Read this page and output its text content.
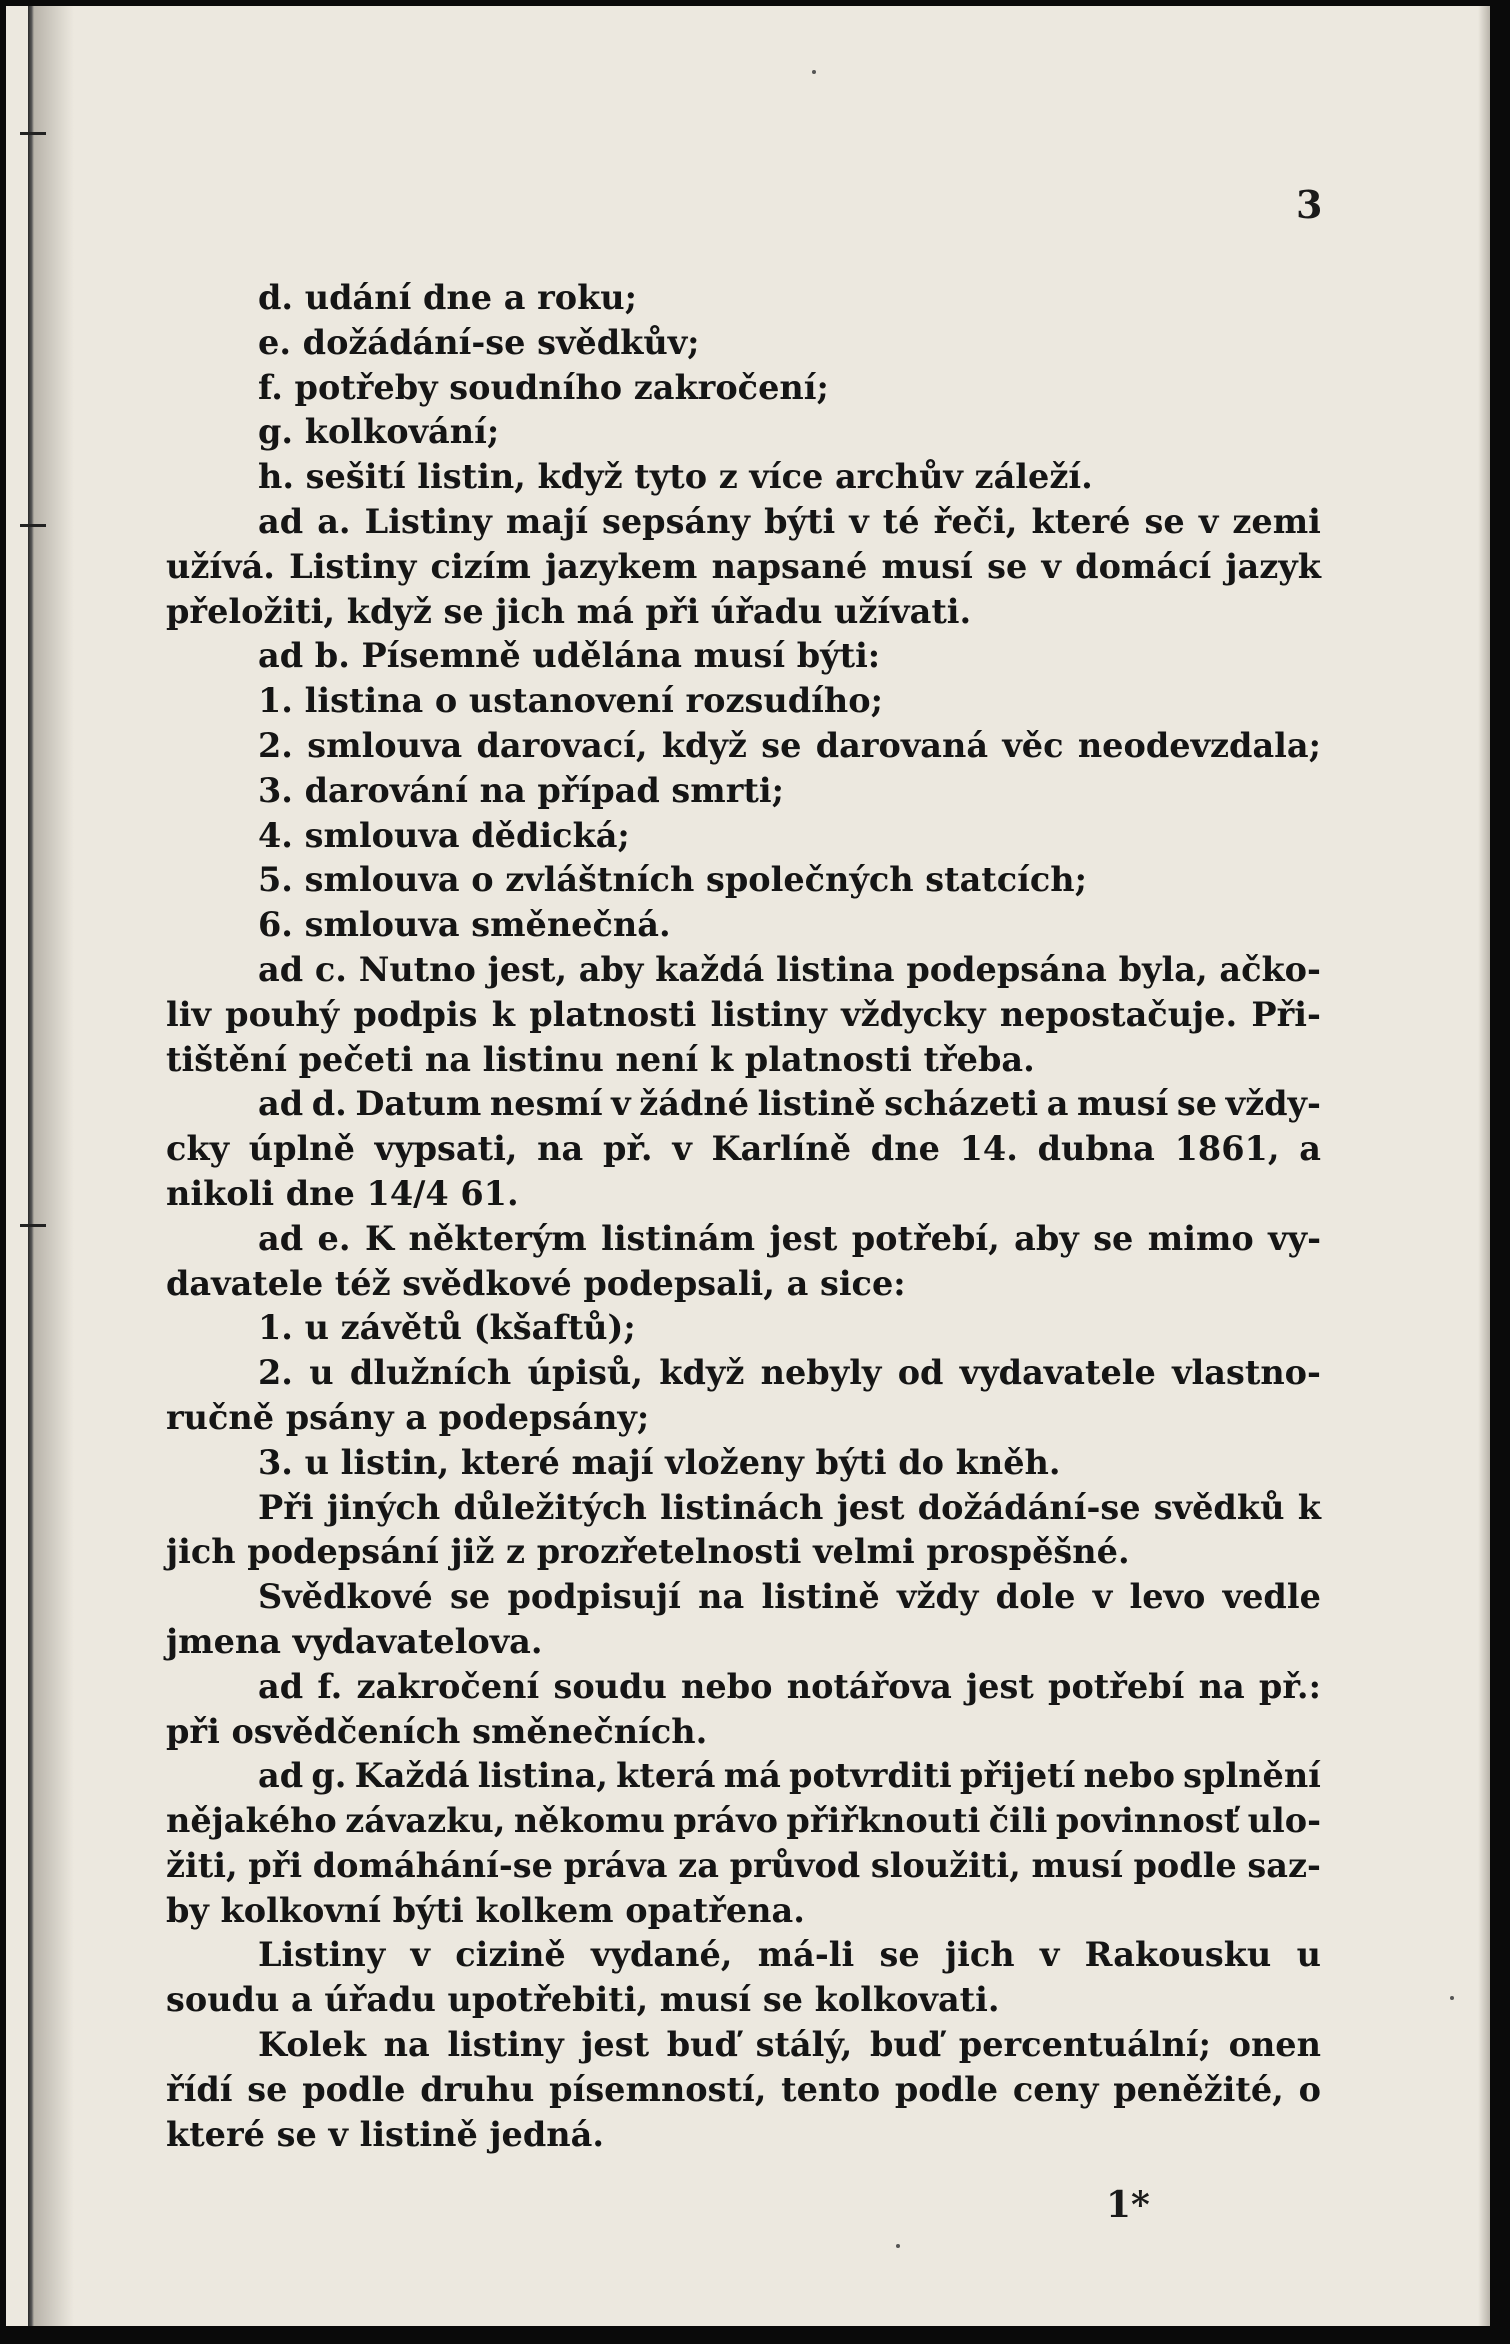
3

d. udání dne a roku;

e. dožádání-se svědkův;

f. potřeby soudního zakročení;

g. kolkování;

h. sešití listin, když tyto z více archův záleží.

ad a. Listiny mají sepsány býti v té řeči, které se v zemi

užívá. Listiny cizím jazykem napsané musí se v domácí jazyk

přeložiti, když se jich má při úřadu užívati.

ad b. Písemně udělána musí býti:

1. listina o ustanovení rozsudího;

2. smlouva darovací, když se darovaná věc neodevzdala;

3. darování na případ smrti;

4. smlouva dědická;

5. smlouva o zvláštních společných statcích;

6. smlouva směnečná.

ad c. Nutno jest, aby každá listina podepsána byla, ačko-

liv pouhý podpis k platnosti listiny vždycky nepostačuje. Při-

tištění pečeti na listinu není k platnosti třeba.

ad d. Datum nesmí v žádné listině scházeti a musí se vždy-

cky úplně vypsati, na př. v Karlíně dne 14. dubna 1861, a

nikoli dne 14/4 61.

ad e. K některým listinám jest potřebí, aby se mimo vy-

davatele též svědkové podepsali, a sice:

1. u závětů (kšaftů);

2. u dlužních úpisů, když nebyly od vydavatele vlastno-

ručně psány a podepsány;

3. u listin, které mají vloženy býti do kněh.

Při jiných důležitých listinách jest dožádání-se svědků k

jich podepsání již z prozřetelnosti velmi prospěšné.

Svědkové se podpisují na listině vždy dole v levo vedle

jmena vydavatelova.

ad f. zakročení soudu nebo notářova jest potřebí na př.:

při osvědčeních směnečních.

ad g. Každá listina, která má potvrditi přijetí nebo splnění

nějakého závazku, někomu právo přiřknouti čili povinnosť ulo-

žiti, při domáhání-se práva za průvod sloužiti, musí podle saz-

by kolkovní býti kolkem opatřena.

Listiny v cizině vydané, má-li se jich v Rakousku u

soudu a úřadu upotřebiti, musí se kolkovati.

Kolek na listiny jest buď stálý, buď percentuální; onen

řídí se podle druhu písemností, tento podle ceny peněžité, o

které se v listině jedná.

1*
